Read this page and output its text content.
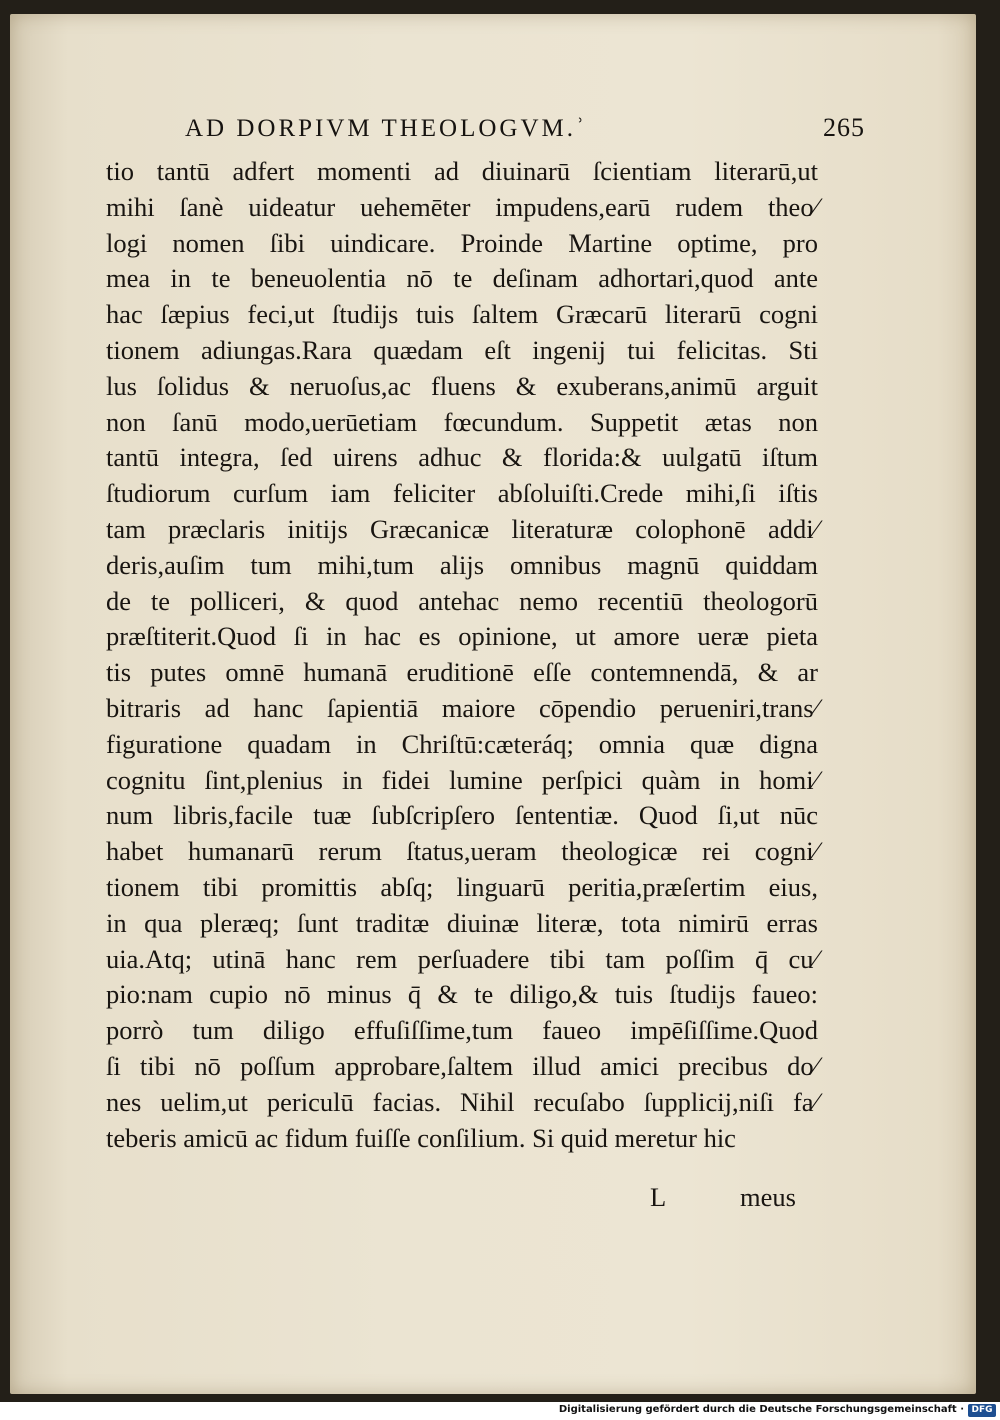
AD DORPIVM THEOLOGVM.ʾ	265
tio tantū adfert momenti ad diuinarū ſcientiam literarū,ut
mihi ſanè uideatur uehemēter impudens,earū rudem theo⁄
logi nomen ſibi uindicare. Proinde Martine optime, pro
mea in te beneuolentia nō te deſinam adhortari,quod ante
hac ſæpius feci,ut ſtudijs tuis ſaltem Græcarū literarū cogni
tionem adiungas.Rara quædam eſt ingenij tui felicitas. Sti
lus ſolidus & neruoſus,ac fluens & exuberans,animū arguit
non ſanū modo,uerūetiam fœcundum. Suppetit ætas non
tantū integra, ſed uirens adhuc & florida:& uulgatū iſtum
ſtudiorum curſum iam feliciter abſoluiſti.Crede mihi,ſi iſtis
tam præclaris initijs Græcanicæ literaturæ colophonē addi⁄
deris,auſim tum mihi,tum alijs omnibus magnū quiddam
de te polliceri, & quod antehac nemo recentiū theologorū
præſtiterit.Quod ſi in hac es opinione, ut amore ueræ pieta
tis putes omnē humanā eruditionē eſſe contemnendā, & ar
bitraris ad hanc ſapientiā maiore cōpendio perueniri,trans⁄
figuratione quadam in Chriſtū:cæteráq; omnia quæ digna
cognitu ſint,plenius in fidei lumine perſpici quàm in homi⁄
num libris,facile tuæ ſubſcripſero ſententiæ. Quod ſi,ut nūc
habet humanarū rerum ſtatus,ueram theologicæ rei cogni⁄
tionem tibi promittis abſq; linguarū peritia,præſertim eius,
in qua pleræq; ſunt traditæ diuinæ literæ, tota nimirū erras
uia.Atq; utinā hanc rem perſuadere tibi tam poſſim q̄ cu⁄
pio:nam cupio nō minus q̄ & te diligo,& tuis ſtudijs faueo:
porrò tum diligo effuſiſſime,tum faueo impēſiſſime.Quod
ſi tibi nō poſſum approbare,ſaltem illud amici precibus do⁄
nes uelim,ut periculū facias. Nihil recuſabo ſupplicij,niſi fa⁄
teberis amicū ac fidum fuiſſe conſilium. Si quid meretur hic
L	meus
Digitalisierung gefördert durch die Deutsche Forschungsgemeinschaft · DFG
